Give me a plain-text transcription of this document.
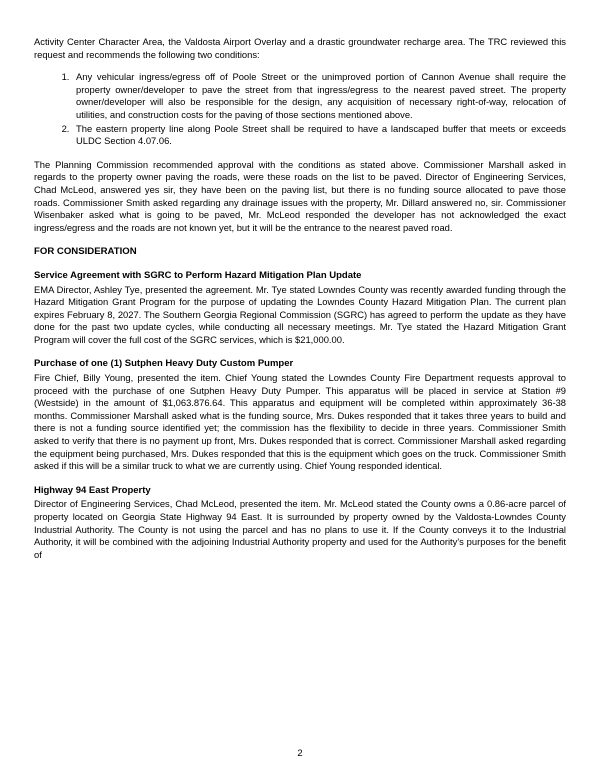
Activity Center Character Area, the Valdosta Airport Overlay and a drastic groundwater recharge area. The TRC reviewed this request and recommends the following two conditions:

1. Any vehicular ingress/egress off of Poole Street or the unimproved portion of Cannon Avenue shall require the property owner/developer to pave the street from that ingress/egress to the nearest paved street. The property owner/developer will also be responsible for the design, any acquisition of necessary right-of-way, relocation of utilities, and construction costs for the paving of those sections mentioned above.
2. The eastern property line along Poole Street shall be required to have a landscaped buffer that meets or exceeds ULDC Section 4.07.06.

The Planning Commission recommended approval with the conditions as stated above. Commissioner Marshall asked in regards to the property owner paving the roads, were these roads on the list to be paved. Director of Engineering Services, Chad McLeod, answered yes sir, they have been on the paving list, but there is no funding source allocated to pave those roads. Commissioner Smith asked regarding any drainage issues with the property, Mr. Dillard answered no, sir. Commissioner Wisenbaker asked what is going to be paved, Mr. McLeod responded the developer has not acknowledged the exact ingress/egress and the roads are not known yet, but it will be the entrance to the nearest paved road.

FOR CONSIDERATION
Service Agreement with SGRC to Perform Hazard Mitigation Plan Update

EMA Director, Ashley Tye, presented the agreement. Mr. Tye stated Lowndes County was recently awarded funding through the Hazard Mitigation Grant Program for the purpose of updating the Lowndes County Hazard Mitigation Plan. The current plan expires February 8, 2027. The Southern Georgia Regional Commission (SGRC) has agreed to perform the update as they have done for the past two update cycles, while conducting all necessary meetings. Mr. Tye stated the Hazard Mitigation Grant Program will cover the full cost of the SGRC services, which is $21,000.00.

Purchase of one (1) Sutphen Heavy Duty Custom Pumper

Fire Chief, Billy Young, presented the item. Chief Young stated the Lowndes County Fire Department requests approval to proceed with the purchase of one Sutphen Heavy Duty Pumper. This apparatus will be placed in service at Station #9 (Westside) in the amount of $1,063.876.64. This apparatus and equipment will be completed within approximately 36-38 months. Commissioner Marshall asked what is the funding source, Mrs. Dukes responded that it takes three years to build and there is not a funding source identified yet; the commission has the flexibility to decide in three years. Commissioner Smith asked to verify that there is no payment up front, Mrs. Dukes responded that is correct. Commissioner Marshall asked regarding the equipment being purchased, Mrs. Dukes responded that this is the equipment which goes on the truck. Commissioner Smith asked if this will be a similar truck to what we are currently using. Chief Young responded identical.

Highway 94 East Property

Director of Engineering Services, Chad McLeod, presented the item. Mr. McLeod stated the County owns a 0.86-acre parcel of property located on Georgia State Highway 94 East. It is surrounded by property owned by the Valdosta-Lowndes County Industrial Authority. The County is not using the parcel and has no plans to use it. If the County conveys it to the Industrial Authority, it will be combined with the adjoining Industrial Authority property and used for the Authority's purposes for the benefit of

2
